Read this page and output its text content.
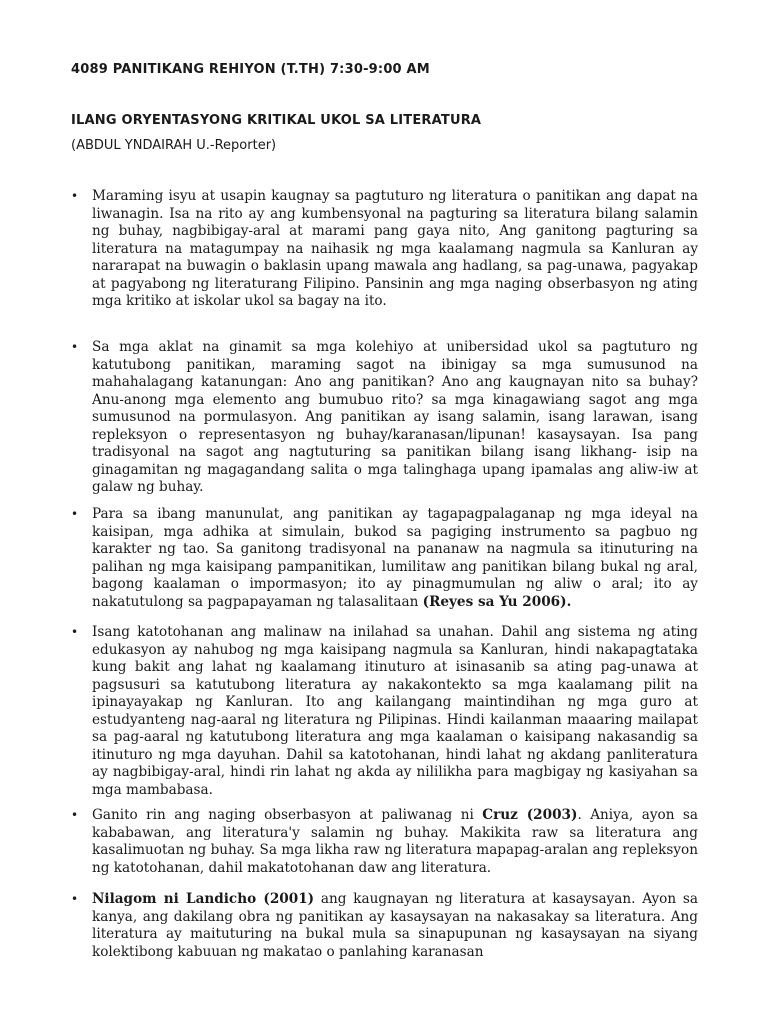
4089 PANITIKANG REHIYON (T.TH) 7:30-9:00 AM
ILANG ORYENTASYONG KRITIKAL UKOL SA LITERATURA
(ABDUL YNDAIRAH U.-Reporter)
• Maraming isyu at usapin kaugnay sa pagtuturo ng literatura o panitikan ang dapat na liwanagin. Isa na rito ay ang kumbensyonal na pagturing sa literatura bilang salamin ng buhay, nagbibigay-aral at marami pang gaya nito, Ang ganitong pagturing sa literatura na matagumpay na naihasik ng mga kaalamang nagmula sa Kanluran ay nararapat na buwagin o baklasin upang mawala ang hadlang, sa pag-unawa, pagyakap at pagyabong ng literaturang Filipino. Pansinin ang mga naging obserbasyon ng ating mga kritiko at iskolar ukol sa bagay na ito.
• Sa mga aklat na ginamit sa mga kolehiyo at unibersidad ukol sa pagtuturo ng katutubong panitikan, maraming sagot na ibinigay sa mga sumusunod na mahahalagang katanungan: Ano ang panitikan? Ano ang kaugnayan nito sa buhay? Anu-anong mga elemento ang bumubuo rito? sa mga kinagawiang sagot ang mga sumusunod na pormulasyon. Ang panitikan ay isang salamin, isang larawan, isang repleksyon o representasyon ng buhay/karanasan/lipunan! kasaysayan. Isa pang tradisyonal na sagot ang nagtuturing sa panitikan bilang isang likhang- isip na ginagamitan ng magagandang salita o mga talinghaga upang ipamalas ang aliw-iw at galaw ng buhay.
• Para sa ibang manunulat, ang panitikan ay tagapagpalaganap ng mga ideyal na kaisipan, mga adhika at simulain, bukod sa pagiging instrumento sa pagbuo ng karakter ng tao. Sa ganitong tradisyonal na pananaw na nagmula sa itinuturing na palihan ng mga kaisipang pampanitikan, lumilitaw ang panitikan bilang bukal ng aral, bagong kaalaman o impormasyon; ito ay pinagmumulan ng aliw o aral; ito ay nakatutulong sa pagpapayaman ng talasalitaan (Reyes sa Yu 2006).
• Isang katotohanan ang malinaw na inilahad sa unahan. Dahil ang sistema ng ating edukasyon ay nahubog ng mga kaisipang nagmula sa Kanluran, hindi nakapagtataka kung bakit ang lahat ng kaalamang itinuturo at isinasanib sa ating pag-unawa at pagsusuri sa katutubong literatura ay nakakontekto sa mga kaalamang pilit na ipinayayakap ng Kanluran. Ito ang kailangang maintindihan ng mga guro at estudyanteng nag-aaral ng literatura ng Pilipinas. Hindi kailanman maaaring mailapat sa pag-aaral ng katutubong literatura ang mga kaalaman o kaisipang nakasandig sa itinuturo ng mga dayuhan. Dahil sa katotohanan, hindi lahat ng akdang panliteratura ay nagbibigay-aral, hindi rin lahat ng akda ay nililikha para magbigay ng kasiyahan sa mga mambabasa.
• Ganito rin ang naging obserbasyon at paliwanag ni Cruz (2003). Aniya, ayon sa kababawan, ang literatura'y salamin ng buhay. Makikita raw sa literatura ang kasalimuotan ng buhay. Sa mga likha raw ng literatura mapapag-aralan ang repleksyon ng katotohanan, dahil makatotohanan daw ang literatura.
• Nilagom ni Landicho (2001) ang kaugnayan ng literatura at kasaysayan. Ayon sa kanya, ang dakilang obra ng panitikan ay kasaysayan na nakasakay sa literatura. Ang literatura ay maituturing na bukal mula sa sinapupunan ng kasaysayan na siyang kolektibong kabuuan ng makatao o panlahing karanasan
